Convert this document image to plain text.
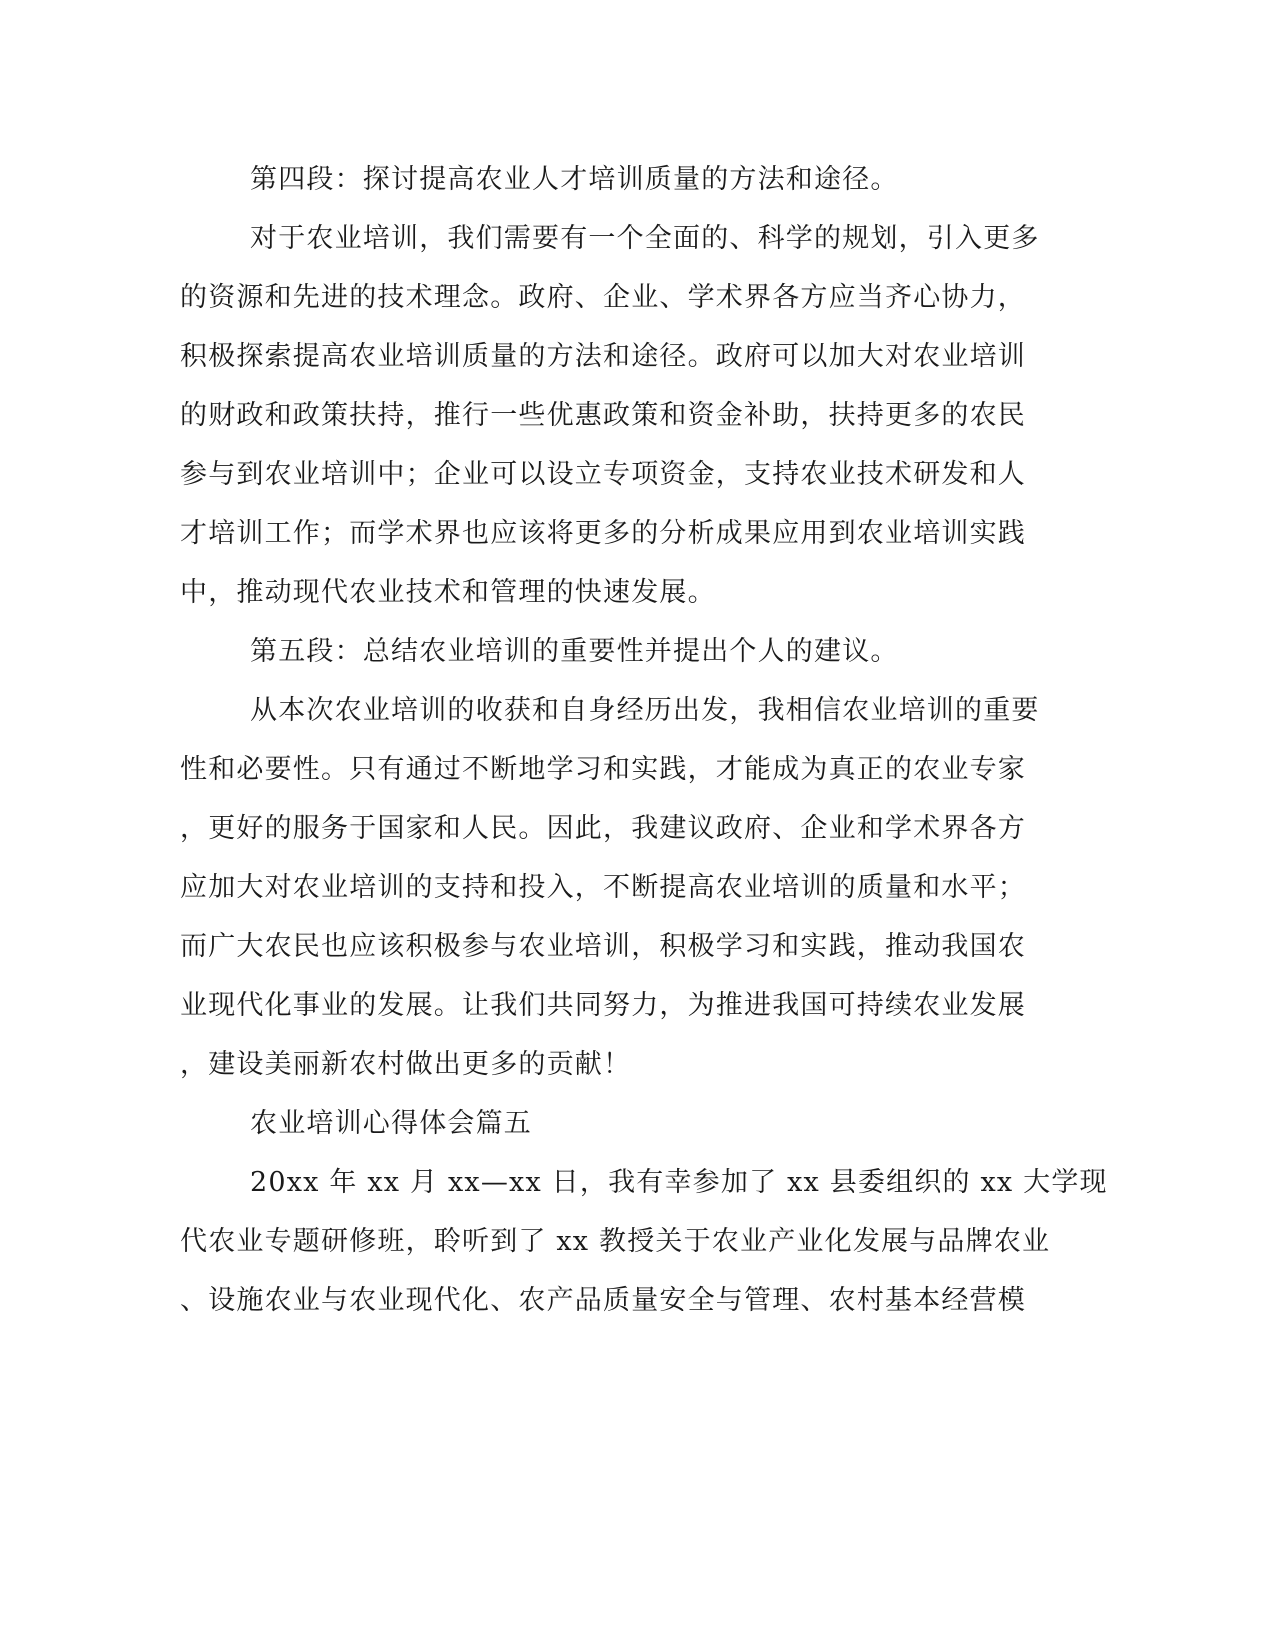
第四段：探讨提高农业人才培训质量的方法和途径。
对于农业培训，我们需要有一个全面的、科学的规划，引入更多
的资源和先进的技术理念。政府、企业、学术界各方应当齐心协力，
积极探索提高农业培训质量的方法和途径。政府可以加大对农业培训
的财政和政策扶持，推行一些优惠政策和资金补助，扶持更多的农民
参与到农业培训中；企业可以设立专项资金，支持农业技术研发和人
才培训工作；而学术界也应该将更多的分析成果应用到农业培训实践
中，推动现代农业技术和管理的快速发展。
第五段：总结农业培训的重要性并提出个人的建议。
从本次农业培训的收获和自身经历出发，我相信农业培训的重要
性和必要性。只有通过不断地学习和实践，才能成为真正的农业专家
，更好的服务于国家和人民。因此，我建议政府、企业和学术界各方
应加大对农业培训的支持和投入，不断提高农业培训的质量和水平；
而广大农民也应该积极参与农业培训，积极学习和实践，推动我国农
业现代化事业的发展。让我们共同努力，为推进我国可持续农业发展
，建设美丽新农村做出更多的贡献！
农业培训心得体会篇五
20xx 年 xx 月 xx—xx 日，我有幸参加了 xx 县委组织的 xx 大学现
代农业专题研修班，聆听到了 xx 教授关于农业产业化发展与品牌农业
、设施农业与农业现代化、农产品质量安全与管理、农村基本经营模
